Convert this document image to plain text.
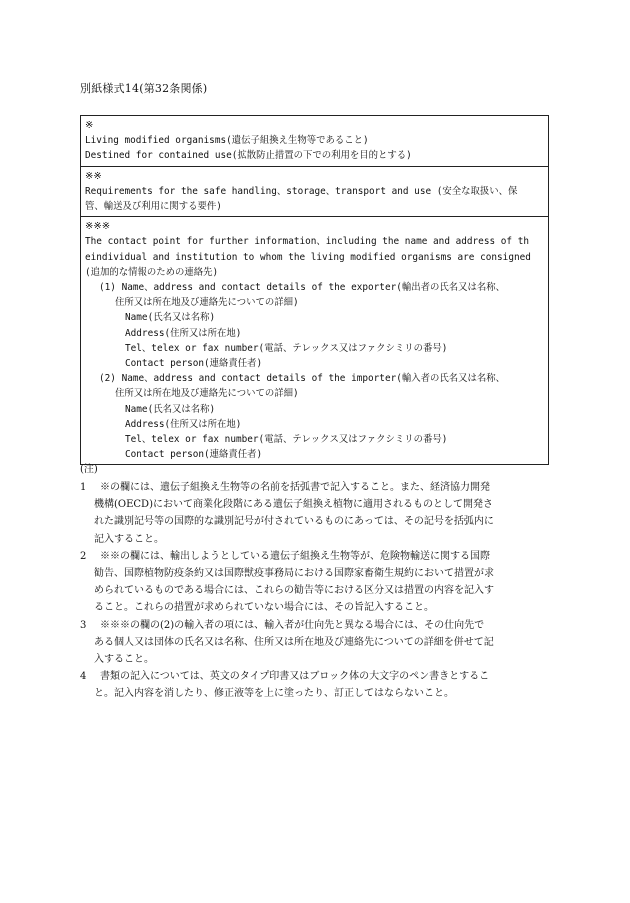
別紙様式14(第32条関係)
※
Living modified organisms(遺伝子組換え生物等であること)
Destined for contained use(拡散防止措置の下での利用を目的とする)
※※
Requirements for the safe handling、storage、transport and use (安全な取扱い、保
管、輸送及び利用に関する要件)
※※※
The contact point for further information、including the name and address of th
eindividual and institution to whom the living modified organisms are consigned
(追加的な情報のための連絡先)
(1) Name、address and contact details of the exporter(輸出者の氏名又は名称、
住所又は所在地及び連絡先についての詳細)
Name(氏名又は名称)
Address(住所又は所在地)
Tel、telex or fax number(電話、テレックス又はファクシミリの番号)
Contact person(連絡責任者)
(2) Name、address and contact details of the importer(輸入者の氏名又は名称、
住所又は所在地及び連絡先についての詳細)
Name(氏名又は名称)
Address(住所又は所在地)
Tel、telex or fax number(電話、テレックス又はファクシミリの番号)
Contact person(連絡責任者)
(注)
1	※の欄には、遺伝子組換え生物等の名前を括弧書で記入すること。また、経済協力開発
機構(OECD)において商業化段階にある遺伝子組換え植物に適用されるものとして開発さ
れた識別記号等の国際的な識別記号が付されているものにあっては、その記号を括弧内に
記入すること。
2	※※の欄には、輸出しようとしている遺伝子組換え生物等が、危険物輸送に関する国際
勧告、国際植物防疫条約又は国際獣疫事務局における国際家畜衛生規約において措置が求
められているものである場合には、これらの勧告等における区分又は措置の内容を記入す
ること。これらの措置が求められていない場合には、その旨記入すること。
3	※※※の欄の(2)の輸入者の項には、輸入者が仕向先と異なる場合には、その仕向先で
ある個人又は団体の氏名又は名称、住所又は所在地及び連絡先についての詳細を併せて記
入すること。
4	書類の記入については、英文のタイプ印書又はブロック体の大文字のペン書きとするこ
と。記入内容を消したり、修正液等を上に塗ったり、訂正してはならないこと。
